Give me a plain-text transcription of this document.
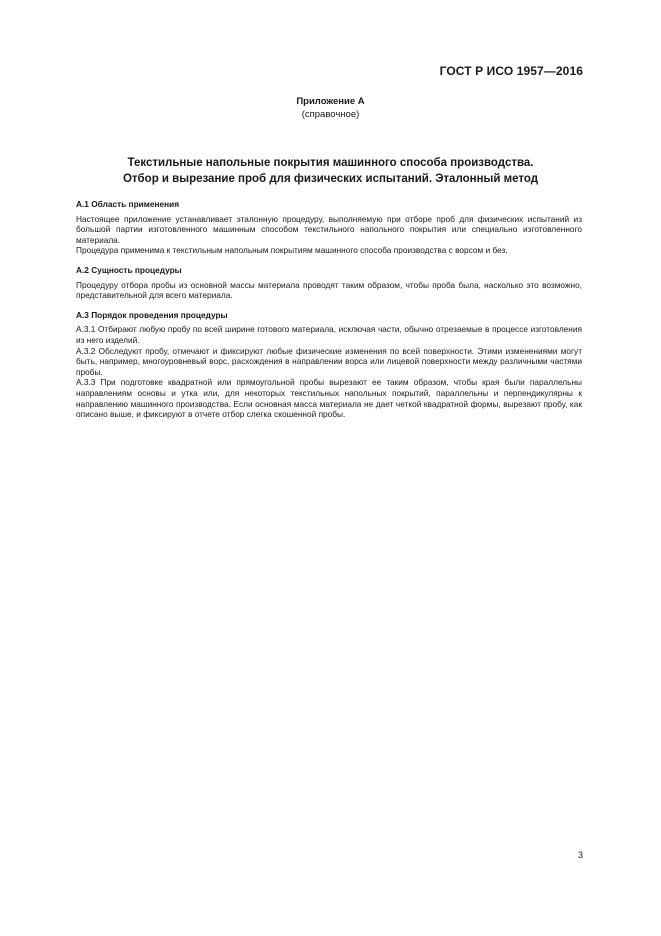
ГОСТ Р ИСО 1957—2016
Приложение А
(справочное)
Текстильные напольные покрытия машинного способа производства.
Отбор и вырезание проб для физических испытаний. Эталонный метод
А.1 Область применения

Настоящее приложение устанавливает эталонную процедуру, выполняемую при отборе проб для физических испытаний из большой партии изготовленного машинным способом текстильного напольного покрытия или специально изготовленного материала.

Процедура применима к текстильным напольным покрытиям машинного способа производства с ворсом и без.

А.2 Сущность процедуры

Процедуру отбора пробы из основной массы материала проводят таким образом, чтобы проба была, насколько это возможно, представительной для всего материала.

А.3 Порядок проведения процедуры

А.3.1 Отбирают любую пробу по всей ширине готового материала, исключая части, обычно отрезаемые в процессе изготовления из него изделий.

А.3.2 Обследуют пробу, отмечают и фиксируют любые физические изменения по всей поверхности. Этими изменениями могут быть, например, многоуровневый ворс, расхождения в направлении ворса или лицевой поверхности между различными частями пробы.

А.3.3 При подготовке квадратной или прямоугольной пробы вырезают ее таким образом, чтобы края были параллельны направлениям основы и утка или, для некоторых текстильных напольных покрытий, параллельны и перпендикулярны к направлению машинного производства. Если основная масса материала не дает четкой квадратной формы, вырезают пробу, как описано выше, и фиксируют в отчете отбор слегка скошенной пробы.

3
